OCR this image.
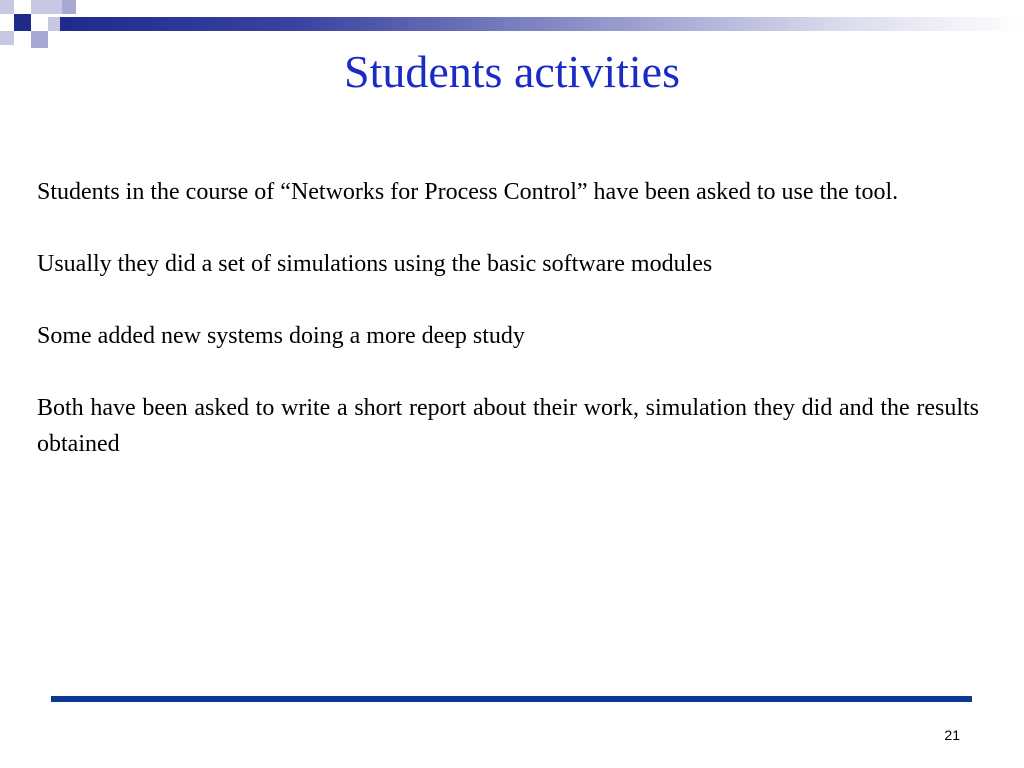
Students activities

Students in the course of “Networks for Process Control” have been asked to use the tool.

Usually they did a set of simulations using the basic software modules

Some added new systems doing a more deep study

Both have been asked to write a short report about their work, simulation they did and the results obtained

21
